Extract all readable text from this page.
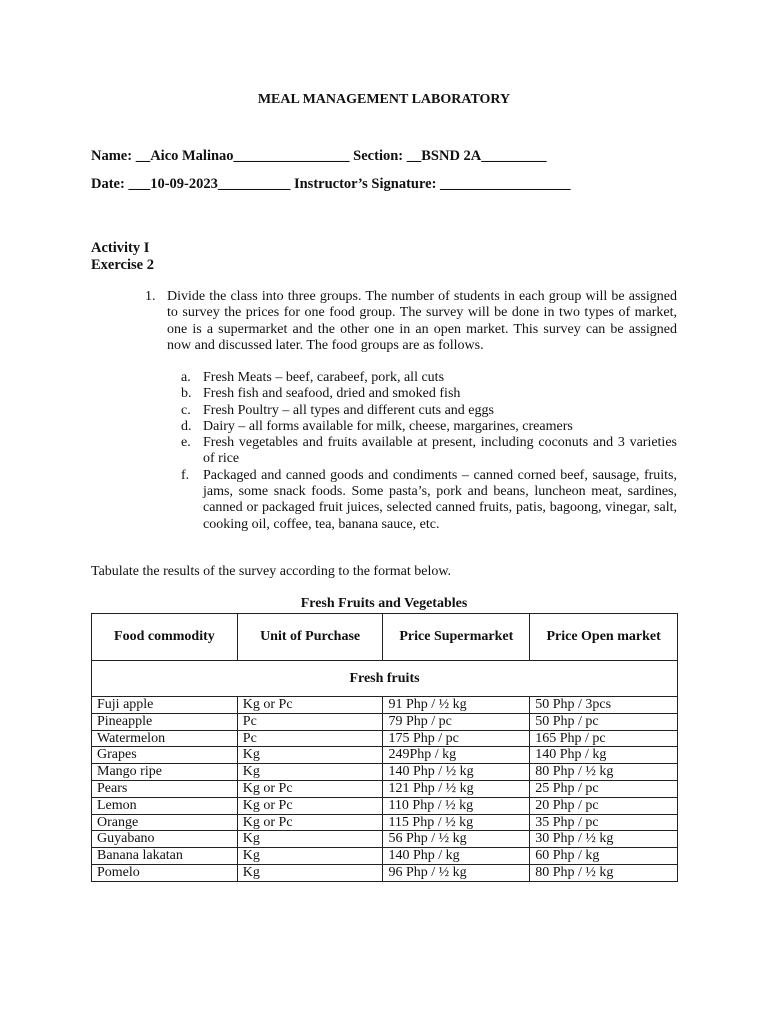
MEAL MANAGEMENT LABORATORY
Name: __Aico Malinao________________ Section: __BSND 2A_________
Date: ___10-09-2023__________ Instructor’s Signature: __________________
Activity I
Exercise 2
1. Divide the class into three groups. The number of students in each group will be assigned to survey the prices for one food group. The survey will be done in two types of market, one is a supermarket and the other one in an open market. This survey can be assigned now and discussed later. The food groups are as follows.
a. Fresh Meats – beef, carabeef, pork, all cuts
b. Fresh fish and seafood, dried and smoked fish
c. Fresh Poultry – all types and different cuts and eggs
d. Dairy – all forms available for milk, cheese, margarines, creamers
e. Fresh vegetables and fruits available at present, including coconuts and 3 varieties of rice
f. Packaged and canned goods and condiments – canned corned beef, sausage, fruits, jams, some snack foods. Some pasta’s, pork and beans, luncheon meat, sardines, canned or packaged fruit juices, selected canned fruits, patis, bagoong, vinegar, salt, cooking oil, coffee, tea, banana sauce, etc.
Tabulate the results of the survey according to the format below.
Fresh Fruits and Vegetables
Food commodity	Unit of Purchase	Price Supermarket	Price Open market
Fresh fruits			
Fuji apple	Kg or Pc	91 Php / ½ kg	50 Php / 3pcs
Pineapple	Pc	79 Php / pc	50 Php / pc
Watermelon	Pc	175 Php / pc	165 Php / pc
Grapes	Kg	249Php / kg	140 Php / kg
Mango ripe	Kg	140 Php / ½ kg	80 Php / ½ kg
Pears	Kg or Pc	121 Php / ½ kg	25 Php / pc
Lemon	Kg or Pc	110 Php / ½ kg	20 Php / pc
Orange	Kg or Pc	115 Php / ½ kg	35 Php / pc
Guyabano	Kg	56 Php / ½ kg	30 Php / ½ kg
Banana lakatan	Kg	140 Php / kg	60 Php / kg
Pomelo	Kg	96 Php / ½ kg	80 Php / ½ kg
